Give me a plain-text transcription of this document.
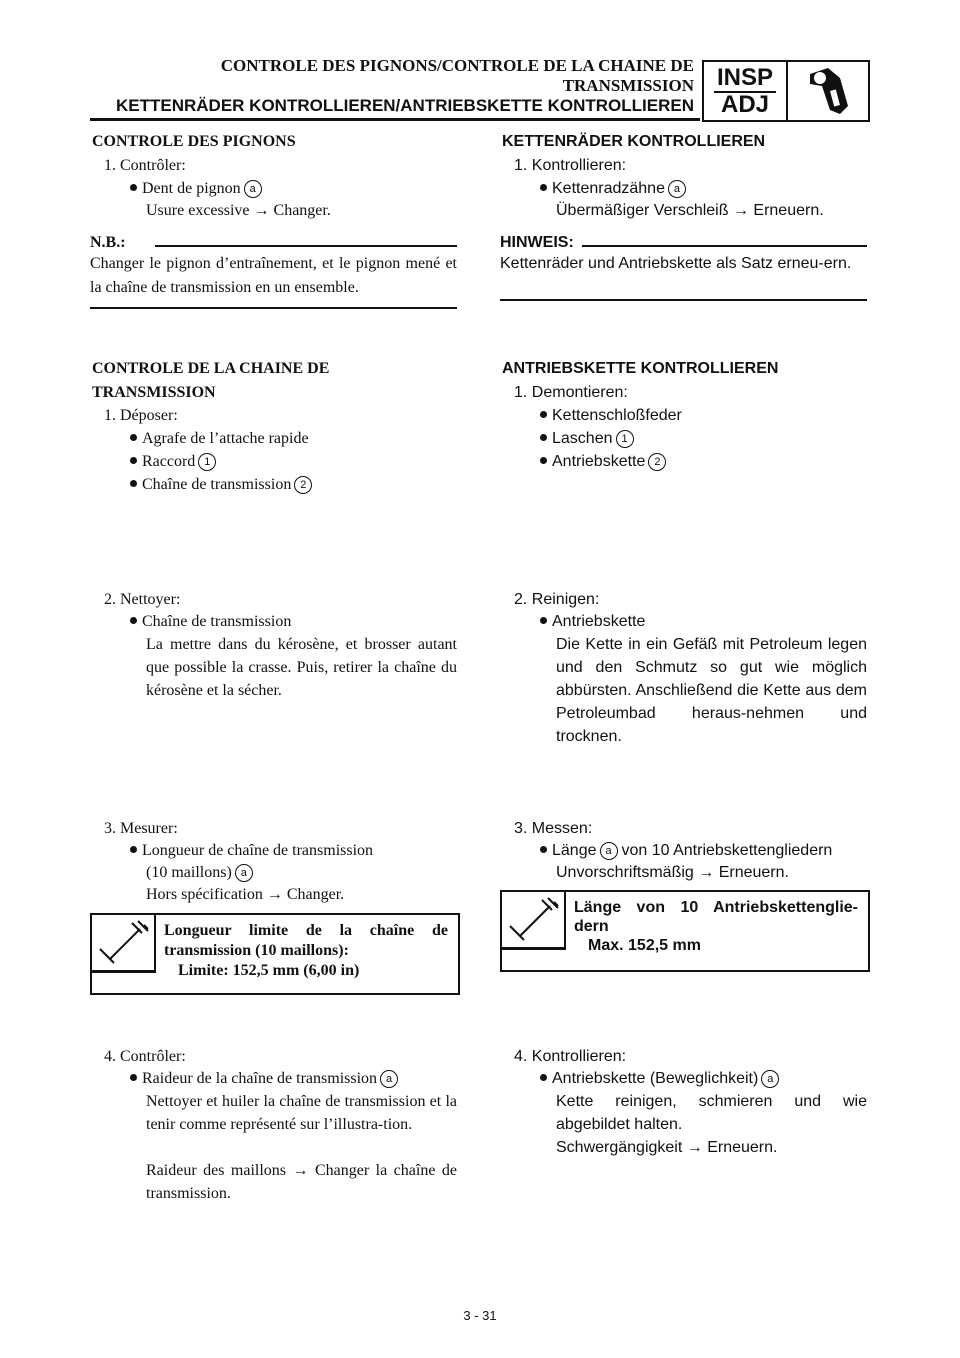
CONTROLE DES PIGNONS/CONTROLE DE LA CHAINE DE
TRANSMISSION
KETTENRÄDER KONTROLLIEREN/ANTRIEBSKETTE KONTROLLIEREN
INSP
ADJ
CONTROLE DES PIGNONS
1. Contrôler:
Dent de pignon a
Usure excessive → Changer.
N.B.:
Changer le pignon d’entraînement, et le pignon mené et la chaîne de transmission en un ensemble.
CONTROLE DE LA CHAINE DE
TRANSMISSION
1. Déposer:
Agrafe de l’attache rapide
Raccord 1
Chaîne de transmission 2
2. Nettoyer:
Chaîne de transmission
La mettre dans du kérosène, et brosser autant que possible la crasse. Puis, retirer la chaîne du kérosène et la sécher.
3. Mesurer:
Longueur de chaîne de transmission
(10 maillons) a
Hors spécification → Changer.
Longueur limite de la chaîne de
transmission (10 maillons):
Limite: 152,5 mm (6,00 in)
4. Contrôler:
Raideur de la chaîne de transmission a
Nettoyer et huiler la chaîne de transmission et la tenir comme représenté sur l’illustra-tion.
Raideur des maillons → Changer la chaîne de transmission.
KETTENRÄDER KONTROLLIEREN
1. Kontrollieren:
Kettenradzähne a
Übermäßiger Verschleiß → Erneuern.
HINWEIS:
Kettenräder und Antriebskette als Satz erneu-ern.
ANTRIEBSKETTE KONTROLLIEREN
1. Demontieren:
Kettenschloßfeder
Laschen 1
Antriebskette 2
2. Reinigen:
Antriebskette
Die Kette in ein Gefäß mit Petroleum legen und den Schmutz so gut wie möglich abbürsten. Anschließend die Kette aus dem Petroleumbad heraus-nehmen und trocknen.
3. Messen:
Länge a von 10 Antriebskettengliedern
Unvorschriftsmäßig → Erneuern.
Länge von 10 Antriebskettenglie-
dern
Max. 152,5 mm
4. Kontrollieren:
Antriebskette (Beweglichkeit) a
Kette reinigen, schmieren und wie abgebildet halten.
Schwergängigkeit → Erneuern.
3 - 31
